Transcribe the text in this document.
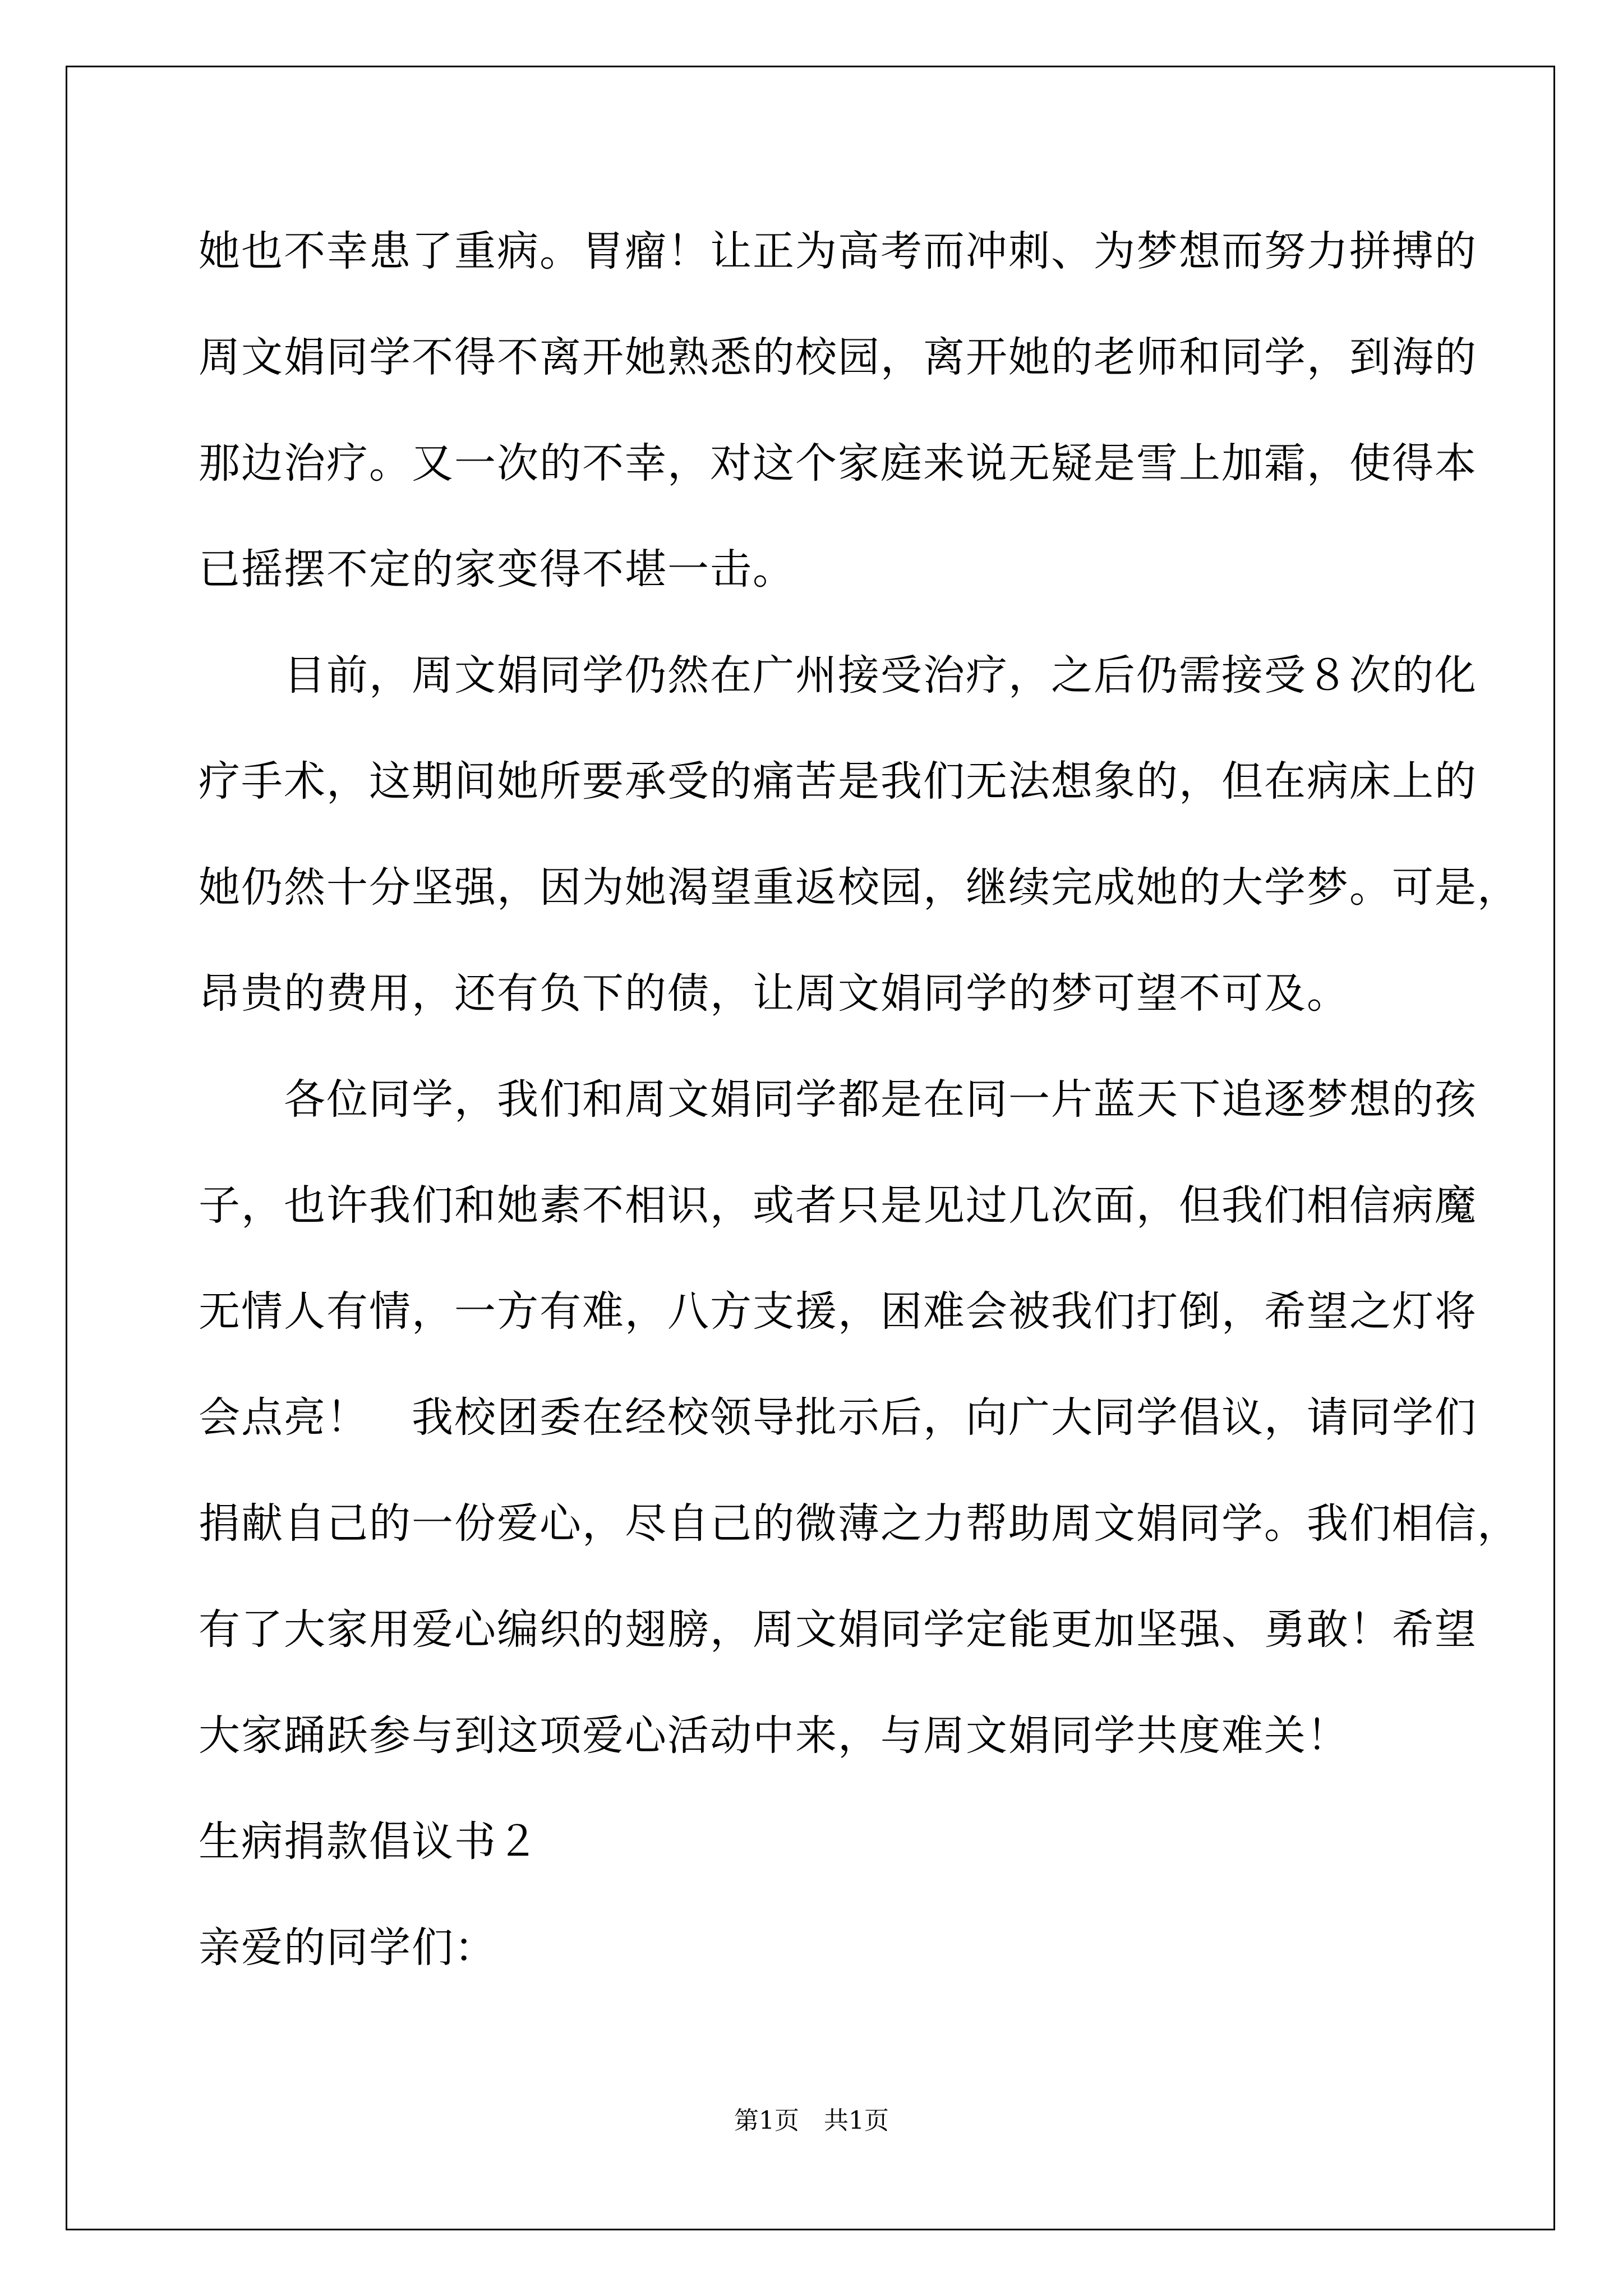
她也不幸患了重病。胃瘤！让正为高考而冲刺、为梦想而努力拼搏的
周文娟同学不得不离开她熟悉的校园，离开她的老师和同学，到海的
那边治疗。又一次的不幸，对这个家庭来说无疑是雪上加霜，使得本
已摇摆不定的家变得不堪一击。
　　目前，周文娟同学仍然在广州接受治疗，之后仍需接受８次的化
疗手术，这期间她所要承受的痛苦是我们无法想象的，但在病床上的
她仍然十分坚强，因为她渴望重返校园，继续完成她的大学梦。可是，
昂贵的费用，还有负下的债，让周文娟同学的梦可望不可及。
　　各位同学，我们和周文娟同学都是在同一片蓝天下追逐梦想的孩
子，也许我们和她素不相识，或者只是见过几次面，但我们相信病魔
无情人有情，一方有难，八方支援，困难会被我们打倒，希望之灯将
会点亮！　我校团委在经校领导批示后，向广大同学倡议，请同学们
捐献自己的一份爱心，尽自己的微薄之力帮助周文娟同学。我们相信，
有了大家用爱心编织的翅膀，周文娟同学定能更加坚强、勇敢！希望
大家踊跃参与到这项爱心活动中来，与周文娟同学共度难关！
生病捐款倡议书２
亲爱的同学们：
第1页　共1页
